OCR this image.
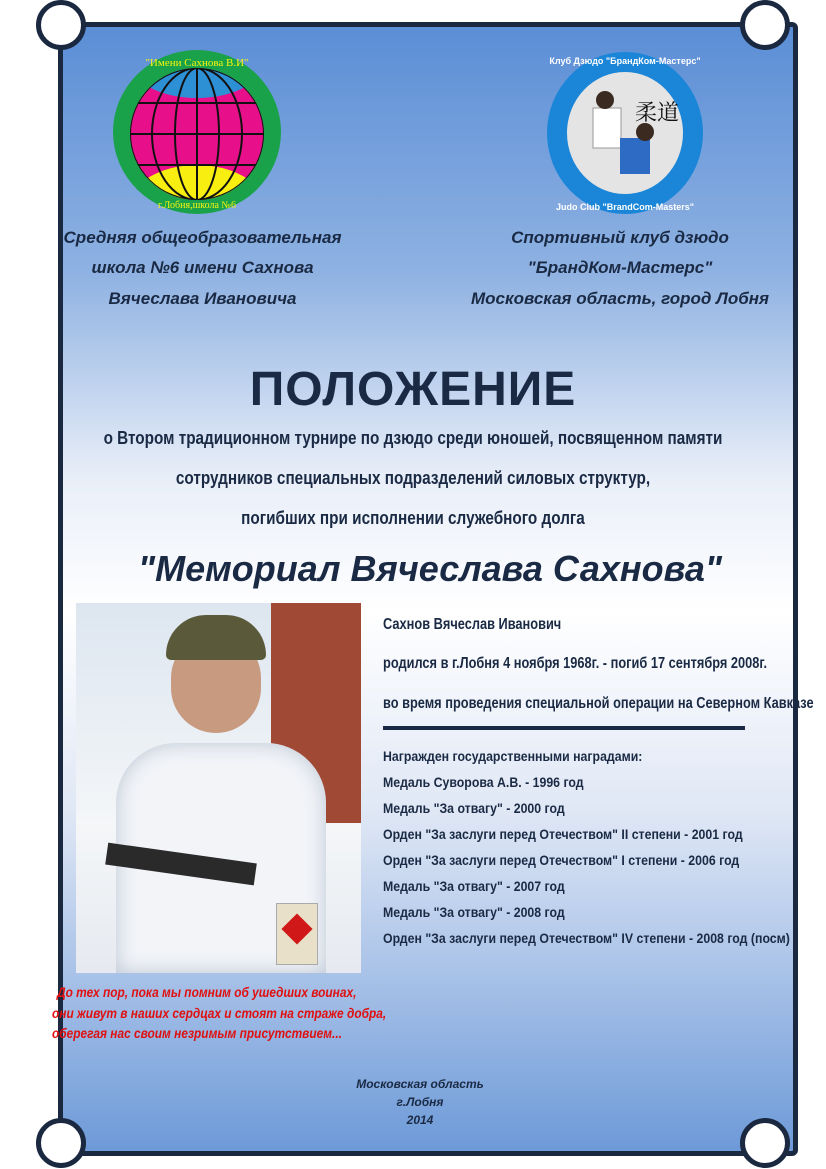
"Имени Сахнова В.И"
г.Лобня,школа №6
柔道
Клуб Дзюдо "БрандКом-Мастерс"
Judo Club "BrandCom-Masters"
Средняя общеобразовательная
школа №6 имени Сахнова
Вячеслава Ивановича
Спортивный клуб дзюдо
"БрандКом-Мастерс"
Московская область, город Лобня
ПОЛОЖЕНИЕ
о Втором традиционном турнире по дзюдо среди юношей, посвященном памяти
сотрудников специальных подразделений силовых структур,
погибших при исполнении служебного долга
"Мемориал Вячеслава Сахнова"
Сахнов Вячеслав Иванович
родился в г.Лобня 4 ноября 1968г. - погиб 17 сентября 2008г.
во время проведения специальной операции на Северном Кавказе
Награжден государственными наградами:
Медаль Суворова А.В. - 1996 год
Медаль "За отвагу" - 2000 год
Орден "За заслуги перед Отечеством" II степени - 2001 год
Орден "За заслуги перед Отечеством" I степени - 2006 год
Медаль "За отвагу" - 2007 год
Медаль "За отвагу" - 2008 год
Орден "За заслуги перед Отечеством" IV степени - 2008 год (посм)
До тех пор, пока мы помним об ушедших воинах,
они живут в наших сердцах и стоят на страже добра,
оберегая нас своим незримым присутствием...
Московская область
г.Лобня
2014
